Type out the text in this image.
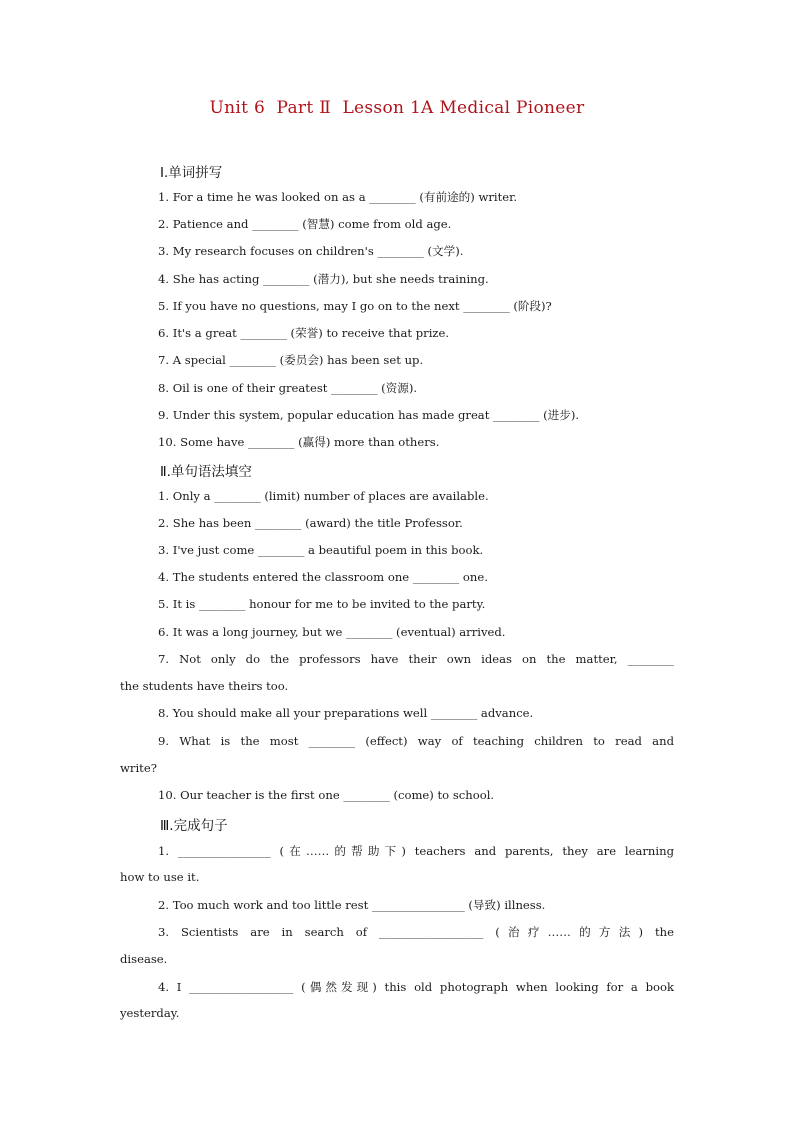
Unit 6  Part Ⅱ  Lesson 1A Medical Pioneer
Ⅰ.单词拼写
1. For a time he was looked on as a ________ (有前途的) writer.
2. Patience and ________ (智慧) come from old age.
3. My research focuses on children's ________ (文学).
4. She has acting ________ (潜力), but she needs training.
5. If you have no questions, may I go on to the next ________ (阶段)?
6. It's a great ________ (荣誉) to receive that prize.
7. A special ________ (委员会) has been set up.
8. Oil is one of their greatest ________ (资源).
9. Under this system, popular education has made great ________ (进步).
10. Some have ________ (赢得) more than others.
Ⅱ.单句语法填空
1. Only a ________ (limit) number of places are available.
2. She has been ________ (award) the title Professor.
3. I've just come ________ a beautiful poem in this book.
4. The students entered the classroom one ________ one.
5. It is ________ honour for me to be invited to the party.
6. It was a long journey, but we ________ (eventual) arrived.
7. Not only do the professors have their own ideas on the matter, ________
the students have theirs too.
8. You should make all your preparations well ________ advance.
9. What is the most ________ (effect) way of teaching children to read and
write?
10. Our teacher is the first one ________ (come) to school.
Ⅲ.完成句子
1. ________________ (在……的帮助下) teachers and parents, they are learning
how to use it.
2. Too much work and too little rest ________________ (导致) illness.
3. Scientists are in search of __________________ (治疗……的方法) the
disease.
4. I __________________ (偶然发现) this old photograph when looking for a book
yesterday.
